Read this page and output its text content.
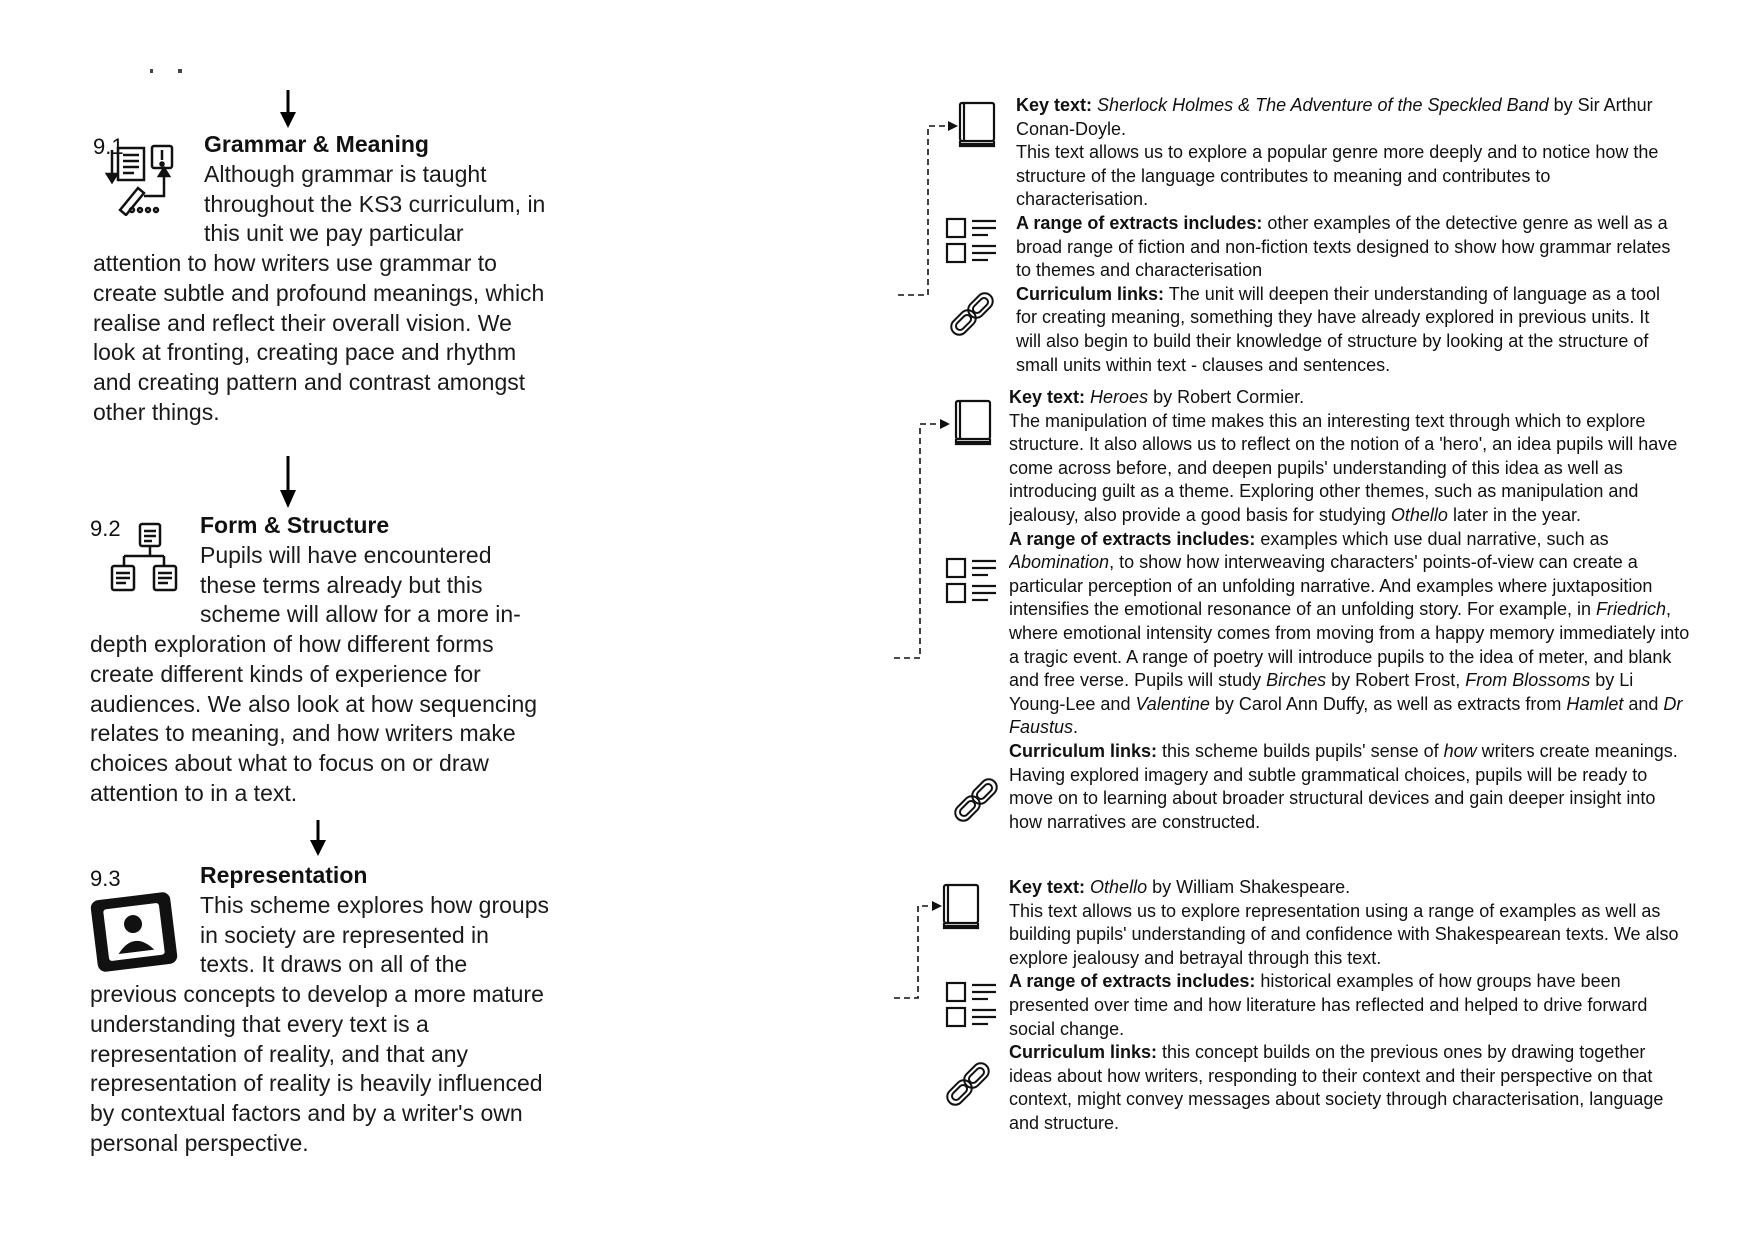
9.1	Grammar & Meaning
Although grammar is taught throughout the KS3 curriculum, in this unit we pay particular attention to how writers use grammar to create subtle and profound meanings, which realise and reflect their overall vision. We look at fronting, creating pace and rhythm and creating pattern and contrast amongst other things.
9.2	Form & Structure
Pupils will have encountered these terms already but this scheme will allow for a more in-depth exploration of how different forms create different kinds of experience for audiences. We also look at how sequencing relates to meaning, and how writers make choices about what to focus on or draw attention to in a text.
9.3	Representation
This scheme explores how groups in society are represented in texts. It draws on all of the previous concepts to develop a more mature understanding that every text is a representation of reality, and that any representation of reality is heavily influenced by contextual factors and by a writer's own personal perspective.

Key text: Sherlock Holmes & The Adventure of the Speckled Band by Sir Arthur Conan-Doyle.

This text allows us to explore a popular genre more deeply and to notice how the structure of the language contributes to meaning and contributes to characterisation.

A range of extracts includes: other examples of the detective genre as well as a broad range of fiction and non-fiction texts designed to show how grammar relates to themes and characterisation

Curriculum links: The unit will deepen their understanding of language as a tool for creating meaning, something they have already explored in previous units. It will also begin to build their knowledge of structure by looking at the structure of small units within text - clauses and sentences.

Key text: Heroes by Robert Cormier.

The manipulation of time makes this an interesting text through which to explore structure. It also allows us to reflect on the notion of a 'hero', an idea pupils will have come across before, and deepen pupils' understanding of this idea as well as introducing guilt as a theme. Exploring other themes, such as manipulation and jealousy, also provide a good basis for studying Othello later in the year.

A range of extracts includes: examples which use dual narrative, such as Abomination, to show how interweaving characters' points-of-view can create a particular perception of an unfolding narrative. And examples where juxtaposition intensifies the emotional resonance of an unfolding story. For example, in Friedrich, where emotional intensity comes from moving from a happy memory immediately into a tragic event. A range of poetry will introduce pupils to the idea of meter, and blank and free verse. Pupils will study Birches by Robert Frost, From Blossoms by Li Young-Lee and Valentine by Carol Ann Duffy, as well as extracts from Hamlet and Dr Faustus.

Curriculum links: this scheme builds pupils' sense of how writers create meanings. Having explored imagery and subtle grammatical choices, pupils will be ready to move on to learning about broader structural devices and gain deeper insight into how narratives are constructed.

Key text: Othello by William Shakespeare.

This text allows us to explore representation using a range of examples as well as building pupils' understanding of and confidence with Shakespearean texts. We also explore jealousy and betrayal through this text.

A range of extracts includes: historical examples of how groups have been presented over time and how literature has reflected and helped to drive forward social change.

Curriculum links: this concept builds on the previous ones by drawing together ideas about how writers, responding to their context and their perspective on that context, might convey messages about society through characterisation, language and structure.
